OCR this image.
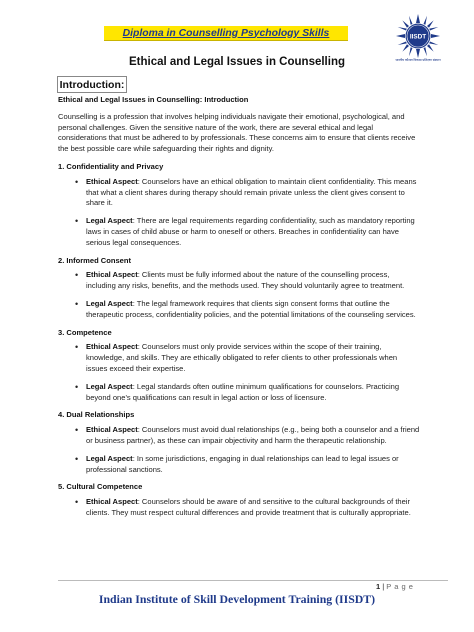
Diploma in Counselling Psychology Skills	IISDT
भारतीय कौशल विकास प्रशिक्षण संस्थान
Ethical and Legal Issues in Counselling
Introduction:

Ethical and Legal Issues in Counselling: Introduction

Counselling is a profession that involves helping individuals navigate their emotional, psychological, and personal challenges. Given the sensitive nature of the work, there are several ethical and legal considerations that must be adhered to by professionals. These concerns aim to ensure that clients receive the best possible care while safeguarding their rights and dignity.

1. Confidentiality and Privacy

• Ethical Aspect: Counselors have an ethical obligation to maintain client confidentiality. This means that what a client shares during therapy should remain private unless the client gives consent to share it.
• Legal Aspect: There are legal requirements regarding confidentiality, such as mandatory reporting laws in cases of child abuse or harm to oneself or others. Breaches in confidentiality can have serious legal consequences.

2. Informed Consent

• Ethical Aspect: Clients must be fully informed about the nature of the counselling process, including any risks, benefits, and the methods used. They should voluntarily agree to treatment.
• Legal Aspect: The legal framework requires that clients sign consent forms that outline the therapeutic process, confidentiality policies, and the potential limitations of the counseling services.

3. Competence

• Ethical Aspect: Counselors must only provide services within the scope of their training, knowledge, and skills. They are ethically obligated to refer clients to other professionals when issues exceed their expertise.
• Legal Aspect: Legal standards often outline minimum qualifications for counselors. Practicing beyond one's qualifications can result in legal action or loss of licensure.

4. Dual Relationships

• Ethical Aspect: Counselors must avoid dual relationships (e.g., being both a counselor and a friend or business partner), as these can impair objectivity and harm the therapeutic relationship.
• Legal Aspect: In some jurisdictions, engaging in dual relationships can lead to legal issues or professional sanctions.

5. Cultural Competence

• Ethical Aspect: Counselors should be aware of and sensitive to the cultural backgrounds of their clients. They must respect cultural differences and provide treatment that is culturally appropriate.
1 | P a g e
Indian Institute of Skill Development Training (IISDT)
